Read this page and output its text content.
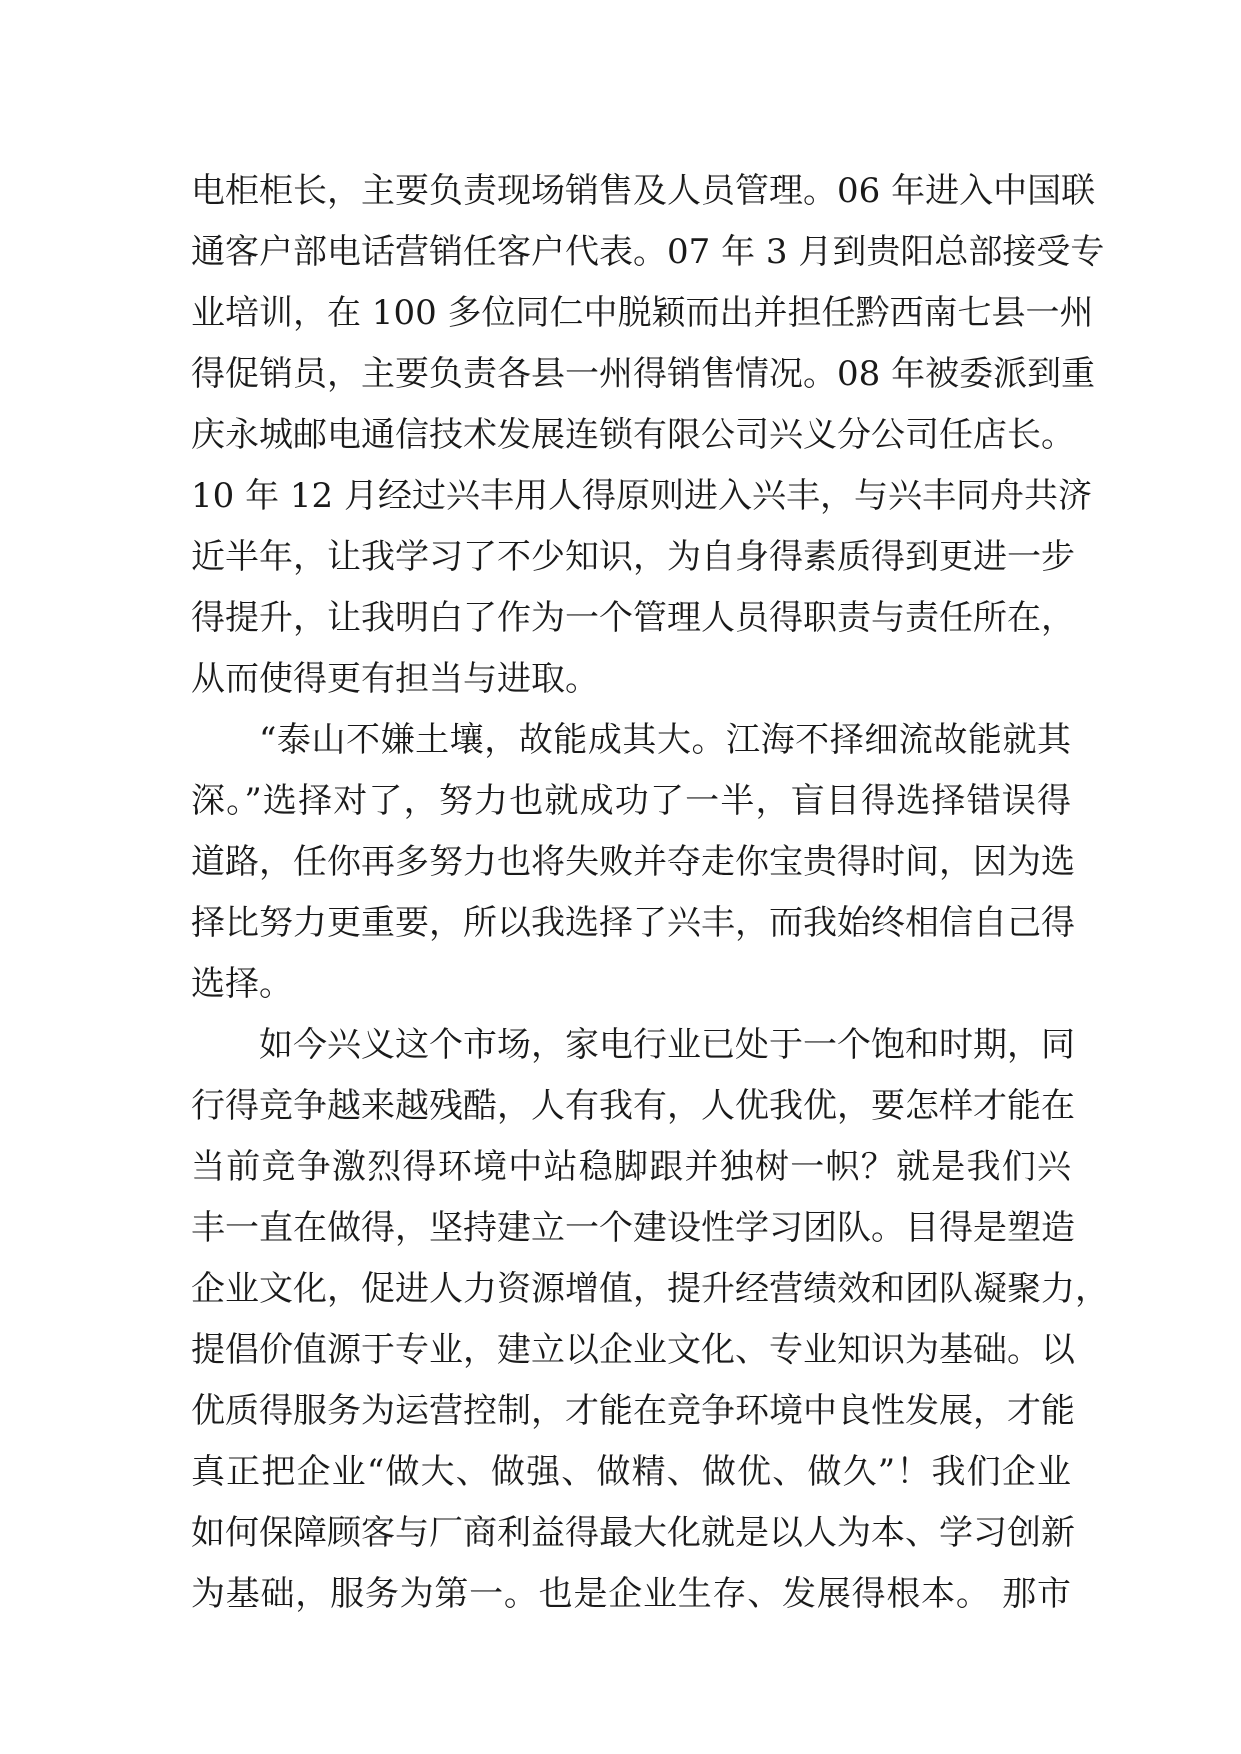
电柜柜长，主要负责现场销售及人员管理。06 年进入中国联
通客户部电话营销任客户代表。07 年 3 月到贵阳总部接受专
业培训，在 100 多位同仁中脱颖而出并担任黔西南七县一州
得促销员，主要负责各县一州得销售情况。08 年被委派到重
庆永城邮电通信技术发展连锁有限公司兴义分公司任店长。
10 年 12 月经过兴丰用人得原则进入兴丰，与兴丰同舟共济
近半年，让我学习了不少知识，为自身得素质得到更进一步
得提升，让我明白了作为一个管理人员得职责与责任所在，
从而使得更有担当与进取。
“泰山不嫌土壤，故能成其大。江海不择细流故能就其
深。”选择对了，努力也就成功了一半，盲目得选择错误得
道路，任你再多努力也将失败并夺走你宝贵得时间，因为选
择比努力更重要，所以我选择了兴丰，而我始终相信自己得
选择。
如今兴义这个市场，家电行业已处于一个饱和时期，同
行得竞争越来越残酷，人有我有，人优我优，要怎样才能在
当前竞争激烈得环境中站稳脚跟并独树一帜？就是我们兴
丰一直在做得，坚持建立一个建设性学习团队。目得是塑造
企业文化，促进人力资源增值，提升经营绩效和团队凝聚力，
提倡价值源于专业，建立以企业文化、专业知识为基础。以
优质得服务为运营控制，才能在竞争环境中良性发展，才能
真正把企业“做大、做强、做精、做优、做久”！我们企业
如何保障顾客与厂商利益得最大化就是以人为本、学习创新
为基础，服务为第一。也是企业生存、发展得根本。 那市
